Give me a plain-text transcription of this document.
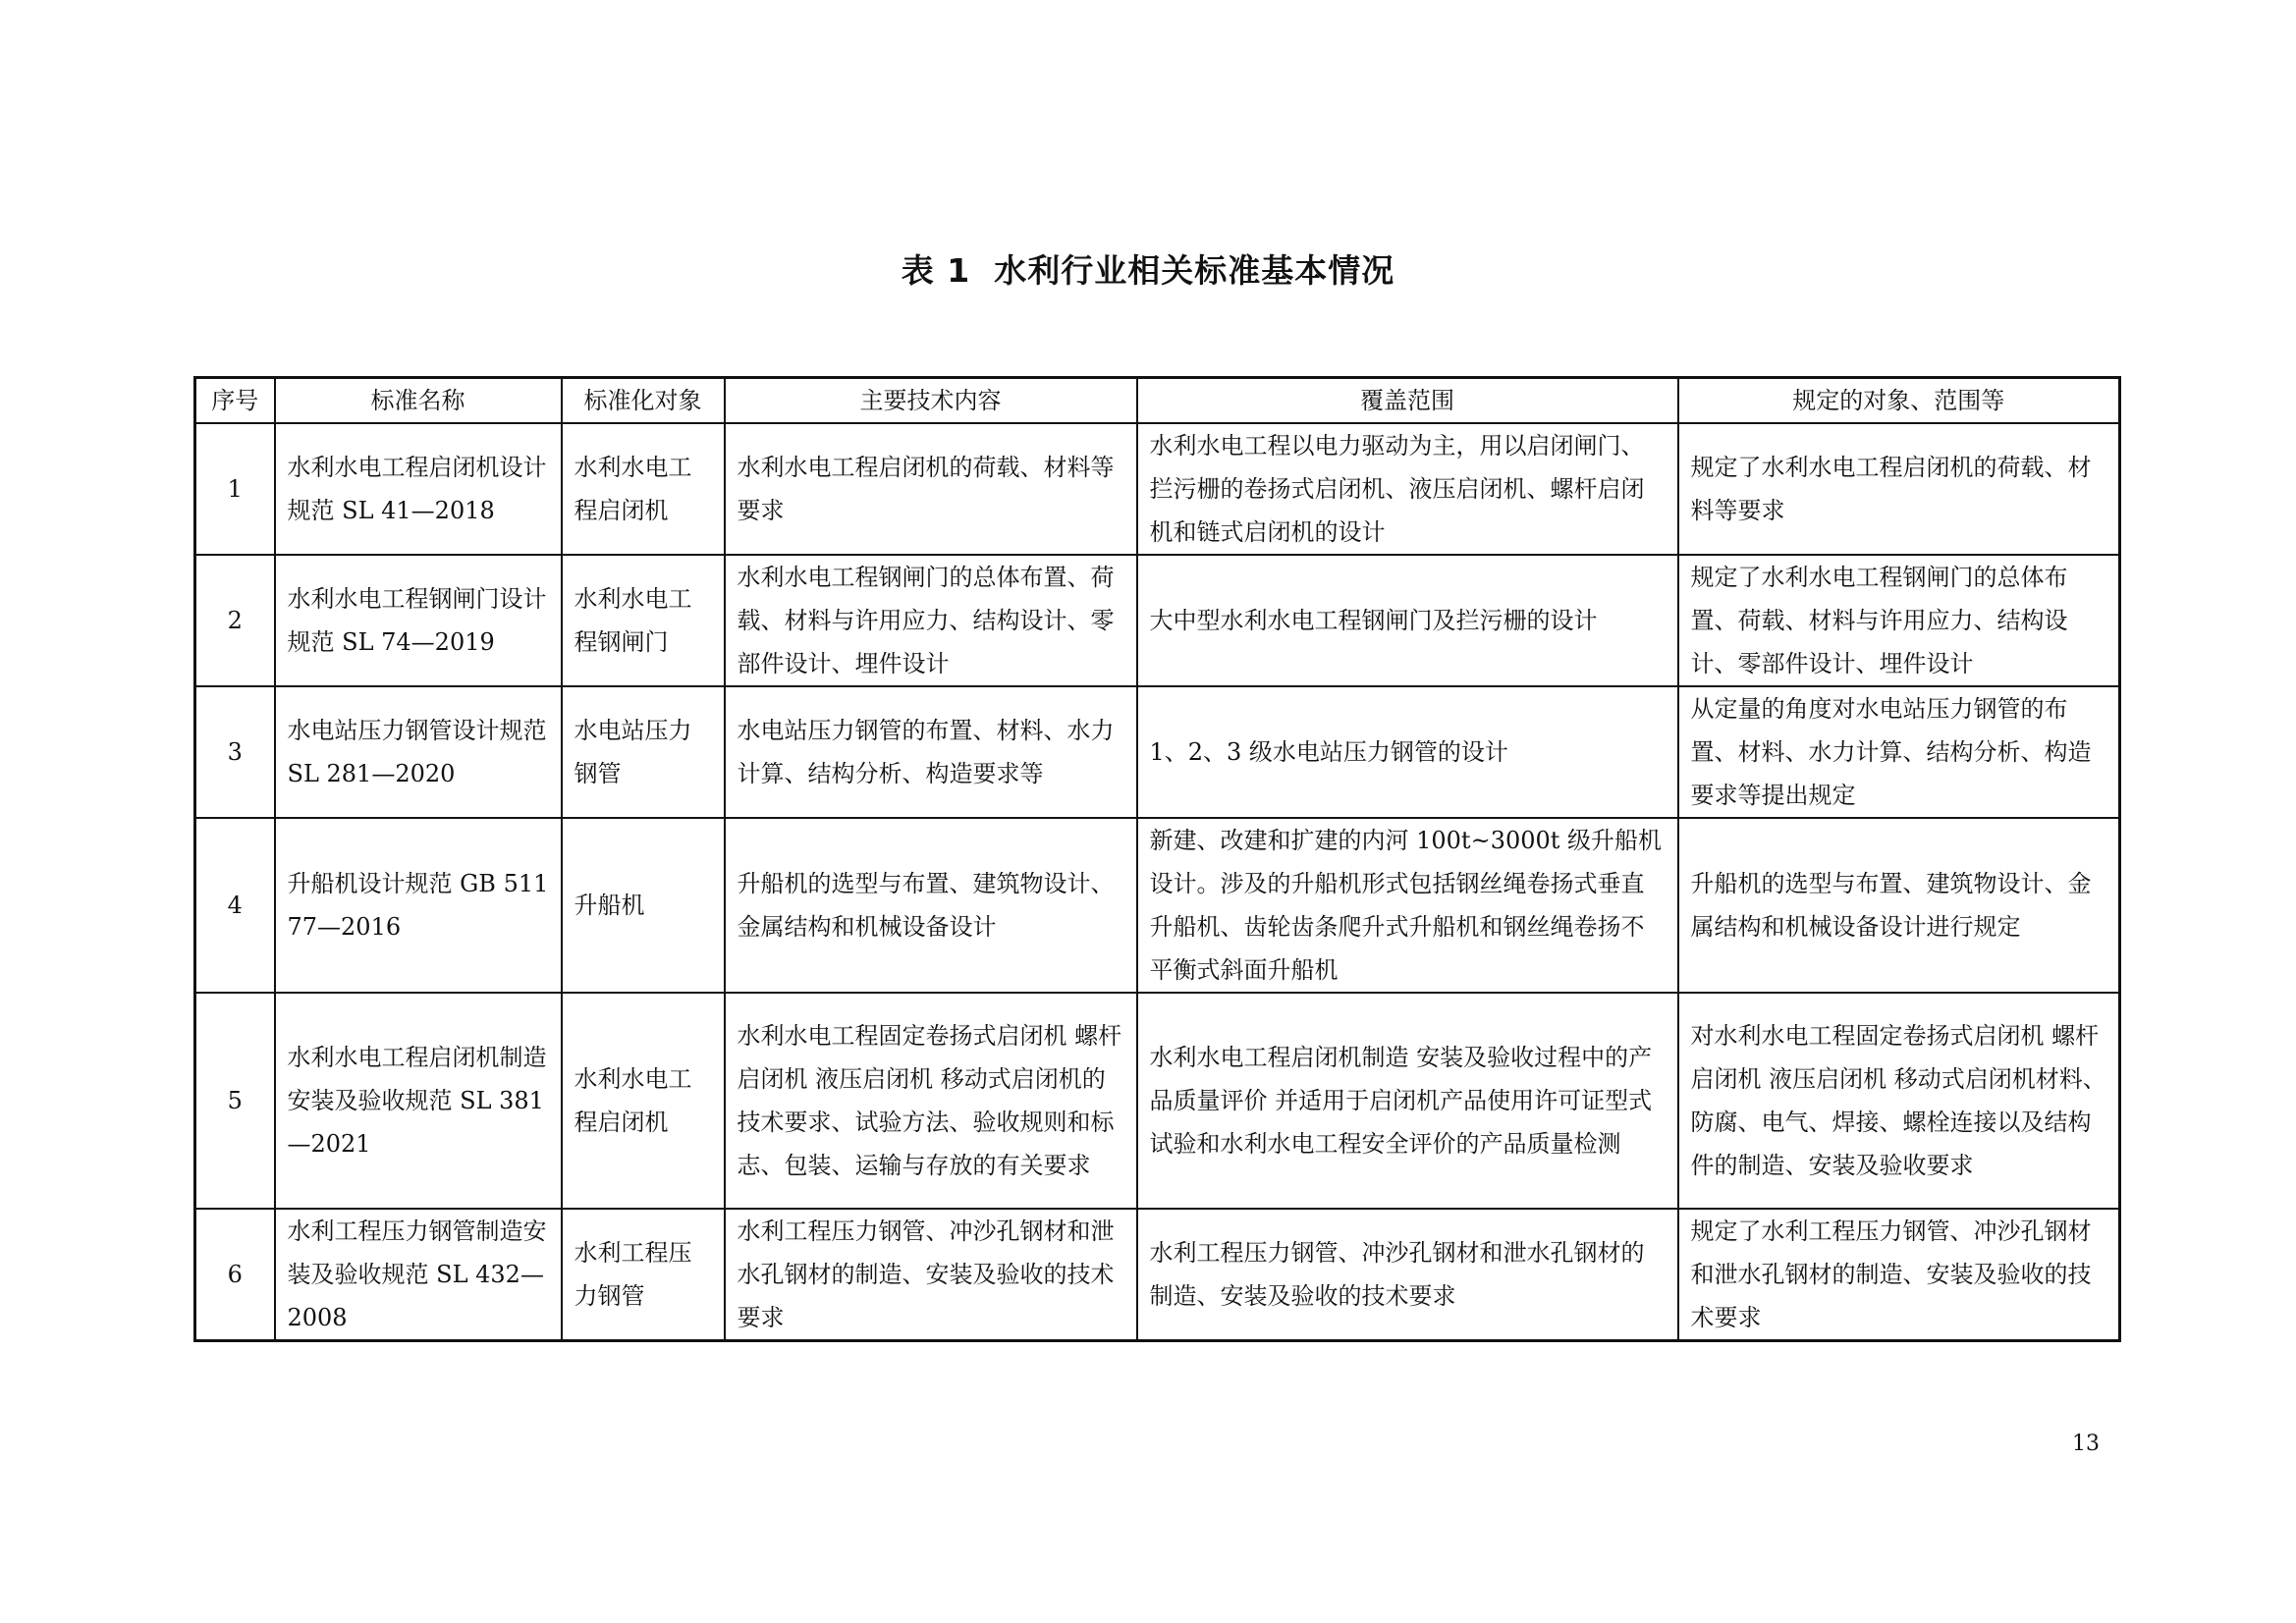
表 1 水利行业相关标准基本情况
序号	标准名称	标准化对象	主要技术内容	覆盖范围	规定的对象、范围等
1	水利水电工程启闭机设计规范 SL 41—2018	水利水电工程启闭机	水利水电工程启闭机的荷载、材料等要求	水利水电工程以电力驱动为主，用以启闭闸门、拦污栅的卷扬式启闭机、液压启闭机、螺杆启闭机和链式启闭机的设计	规定了水利水电工程启闭机的荷载、材料等要求
2	水利水电工程钢闸门设计规范 SL 74—2019	水利水电工程钢闸门	水利水电工程钢闸门的总体布置、荷载、材料与许用应力、结构设计、零部件设计、埋件设计	大中型水利水电工程钢闸门及拦污栅的设计	规定了水利水电工程钢闸门的总体布置、荷载、材料与许用应力、结构设计、零部件设计、埋件设计
3	水电站压力钢管设计规范 SL 281—2020	水电站压力钢管	水电站压力钢管的布置、材料、水力计算、结构分析、构造要求等	1、2、3 级水电站压力钢管的设计	从定量的角度对水电站压力钢管的布置、材料、水力计算、结构分析、构造要求等提出规定
4	升船机设计规范 GB 51177—2016	升船机	升船机的选型与布置、建筑物设计、金属结构和机械设备设计	新建、改建和扩建的内河 100t~3000t 级升船机设计。涉及的升船机形式包括钢丝绳卷扬式垂直升船机、齿轮齿条爬升式升船机和钢丝绳卷扬不平衡式斜面升船机	升船机的选型与布置、建筑物设计、金属结构和机械设备设计进行规定
5	水利水电工程启闭机制造安装及验收规范 SL 381—2021	水利水电工程启闭机	水利水电工程固定卷扬式启闭机 螺杆启闭机 液压启闭机 移动式启闭机的技术要求、试验方法、验收规则和标志、包装、运输与存放的有关要求	水利水电工程启闭机制造 安装及验收过程中的产品质量评价 并适用于启闭机产品使用许可证型式试验和水利水电工程安全评价的产品质量检测	对水利水电工程固定卷扬式启闭机 螺杆启闭机 液压启闭机 移动式启闭机材料、防腐、电气、焊接、螺栓连接以及结构件的制造、安装及验收要求
6	水利工程压力钢管制造安装及验收规范 SL 432—2008	水利工程压力钢管	水利工程压力钢管、冲沙孔钢材和泄水孔钢材的制造、安装及验收的技术要求	水利工程压力钢管、冲沙孔钢材和泄水孔钢材的制造、安装及验收的技术要求	规定了水利工程压力钢管、冲沙孔钢材和泄水孔钢材的制造、安装及验收的技术要求
13
